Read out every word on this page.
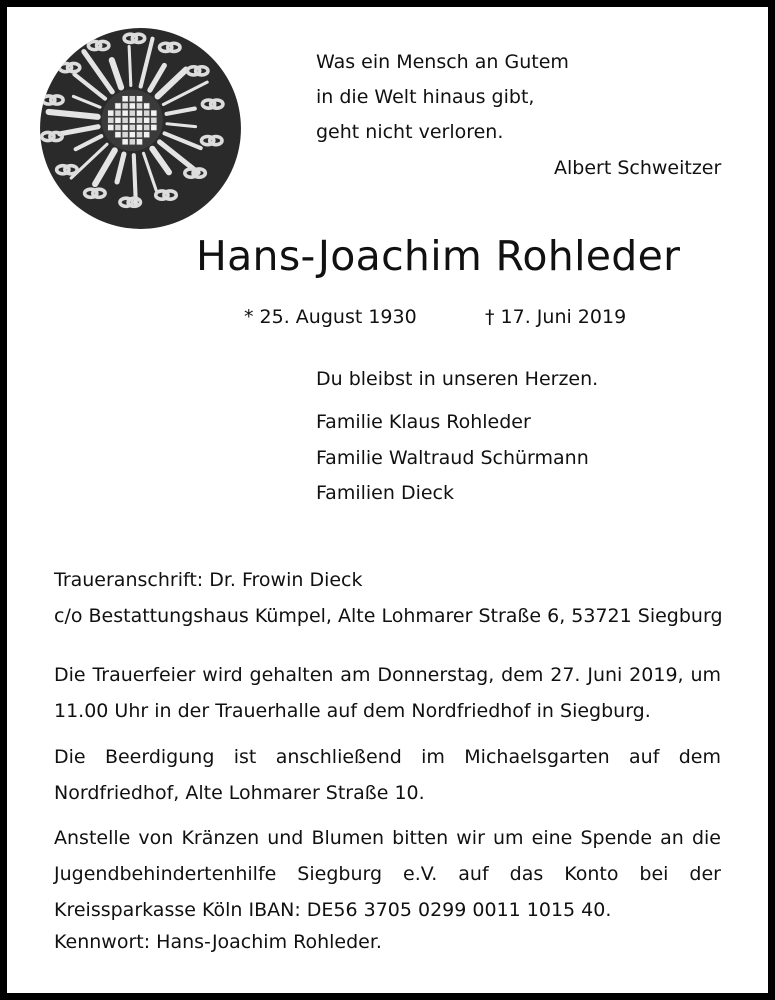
Was ein Mensch an Gutem
in die Welt hinaus gibt,
geht nicht verloren.
Albert Schweitzer
Hans-Joachim Rohleder
* 25. August 1930	† 17. Juni 2019
Du bleibst in unseren Herzen.
Familie Klaus Rohleder
Familie Waltraud Schürmann
Familien Dieck
Traueranschrift: Dr. Frowin Dieck
c/o Bestattungshaus Kümpel, Alte Lohmarer Straße 6, 53721 Siegburg
Die Trauerfeier wird gehalten am Donnerstag, dem 27. Juni 2019, um 11.00 Uhr in der Trauerhalle auf dem Nordfriedhof in Siegburg.
Die Beerdigung ist anschließend im Michaelsgarten auf dem Nordfriedhof, Alte Lohmarer Straße 10.
Anstelle von Kränzen und Blumen bitten wir um eine Spende an die Jugendbehindertenhilfe Siegburg e.V. auf das Konto bei der Kreissparkasse Köln IBAN: DE56 3705 0299 0011 1015 40.
Kennwort: Hans-Joachim Rohleder.
